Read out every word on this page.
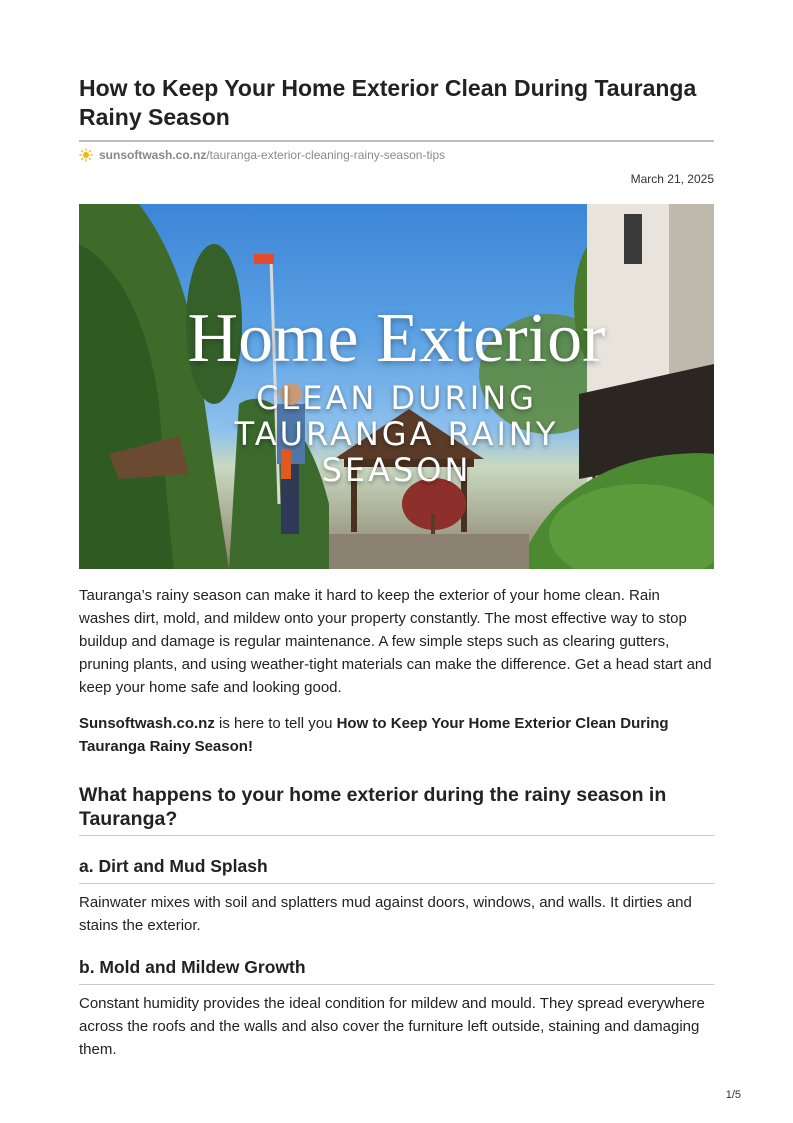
How to Keep Your Home Exterior Clean During Tauranga Rainy Season
sunsoftwash.co.nz/tauranga-exterior-cleaning-rainy-season-tips
March 21, 2025
Home Exterior
CLEAN DURING
TAURANGA RAINY
SEASON

Tauranga’s rainy season can make it hard to keep the exterior of your home clean. Rain washes dirt, mold, and mildew onto your property constantly. The most effective way to stop buildup and damage is regular maintenance. A few simple steps such as clearing gutters, pruning plants, and using weather-tight materials can make the difference. Get a head start and keep your home safe and looking good.

Sunsoftwash.co.nz is here to tell you How to Keep Your Home Exterior Clean During Tauranga Rainy Season!

What happens to your home exterior during the rainy season in Tauranga?
a. Dirt and Mud Splash

Rainwater mixes with soil and splatters mud against doors, windows, and walls. It dirties and stains the exterior.

b. Mold and Mildew Growth

Constant humidity provides the ideal condition for mildew and mould. They spread everywhere across the roofs and the walls and also cover the furniture left outside, staining and damaging them.

1/5
